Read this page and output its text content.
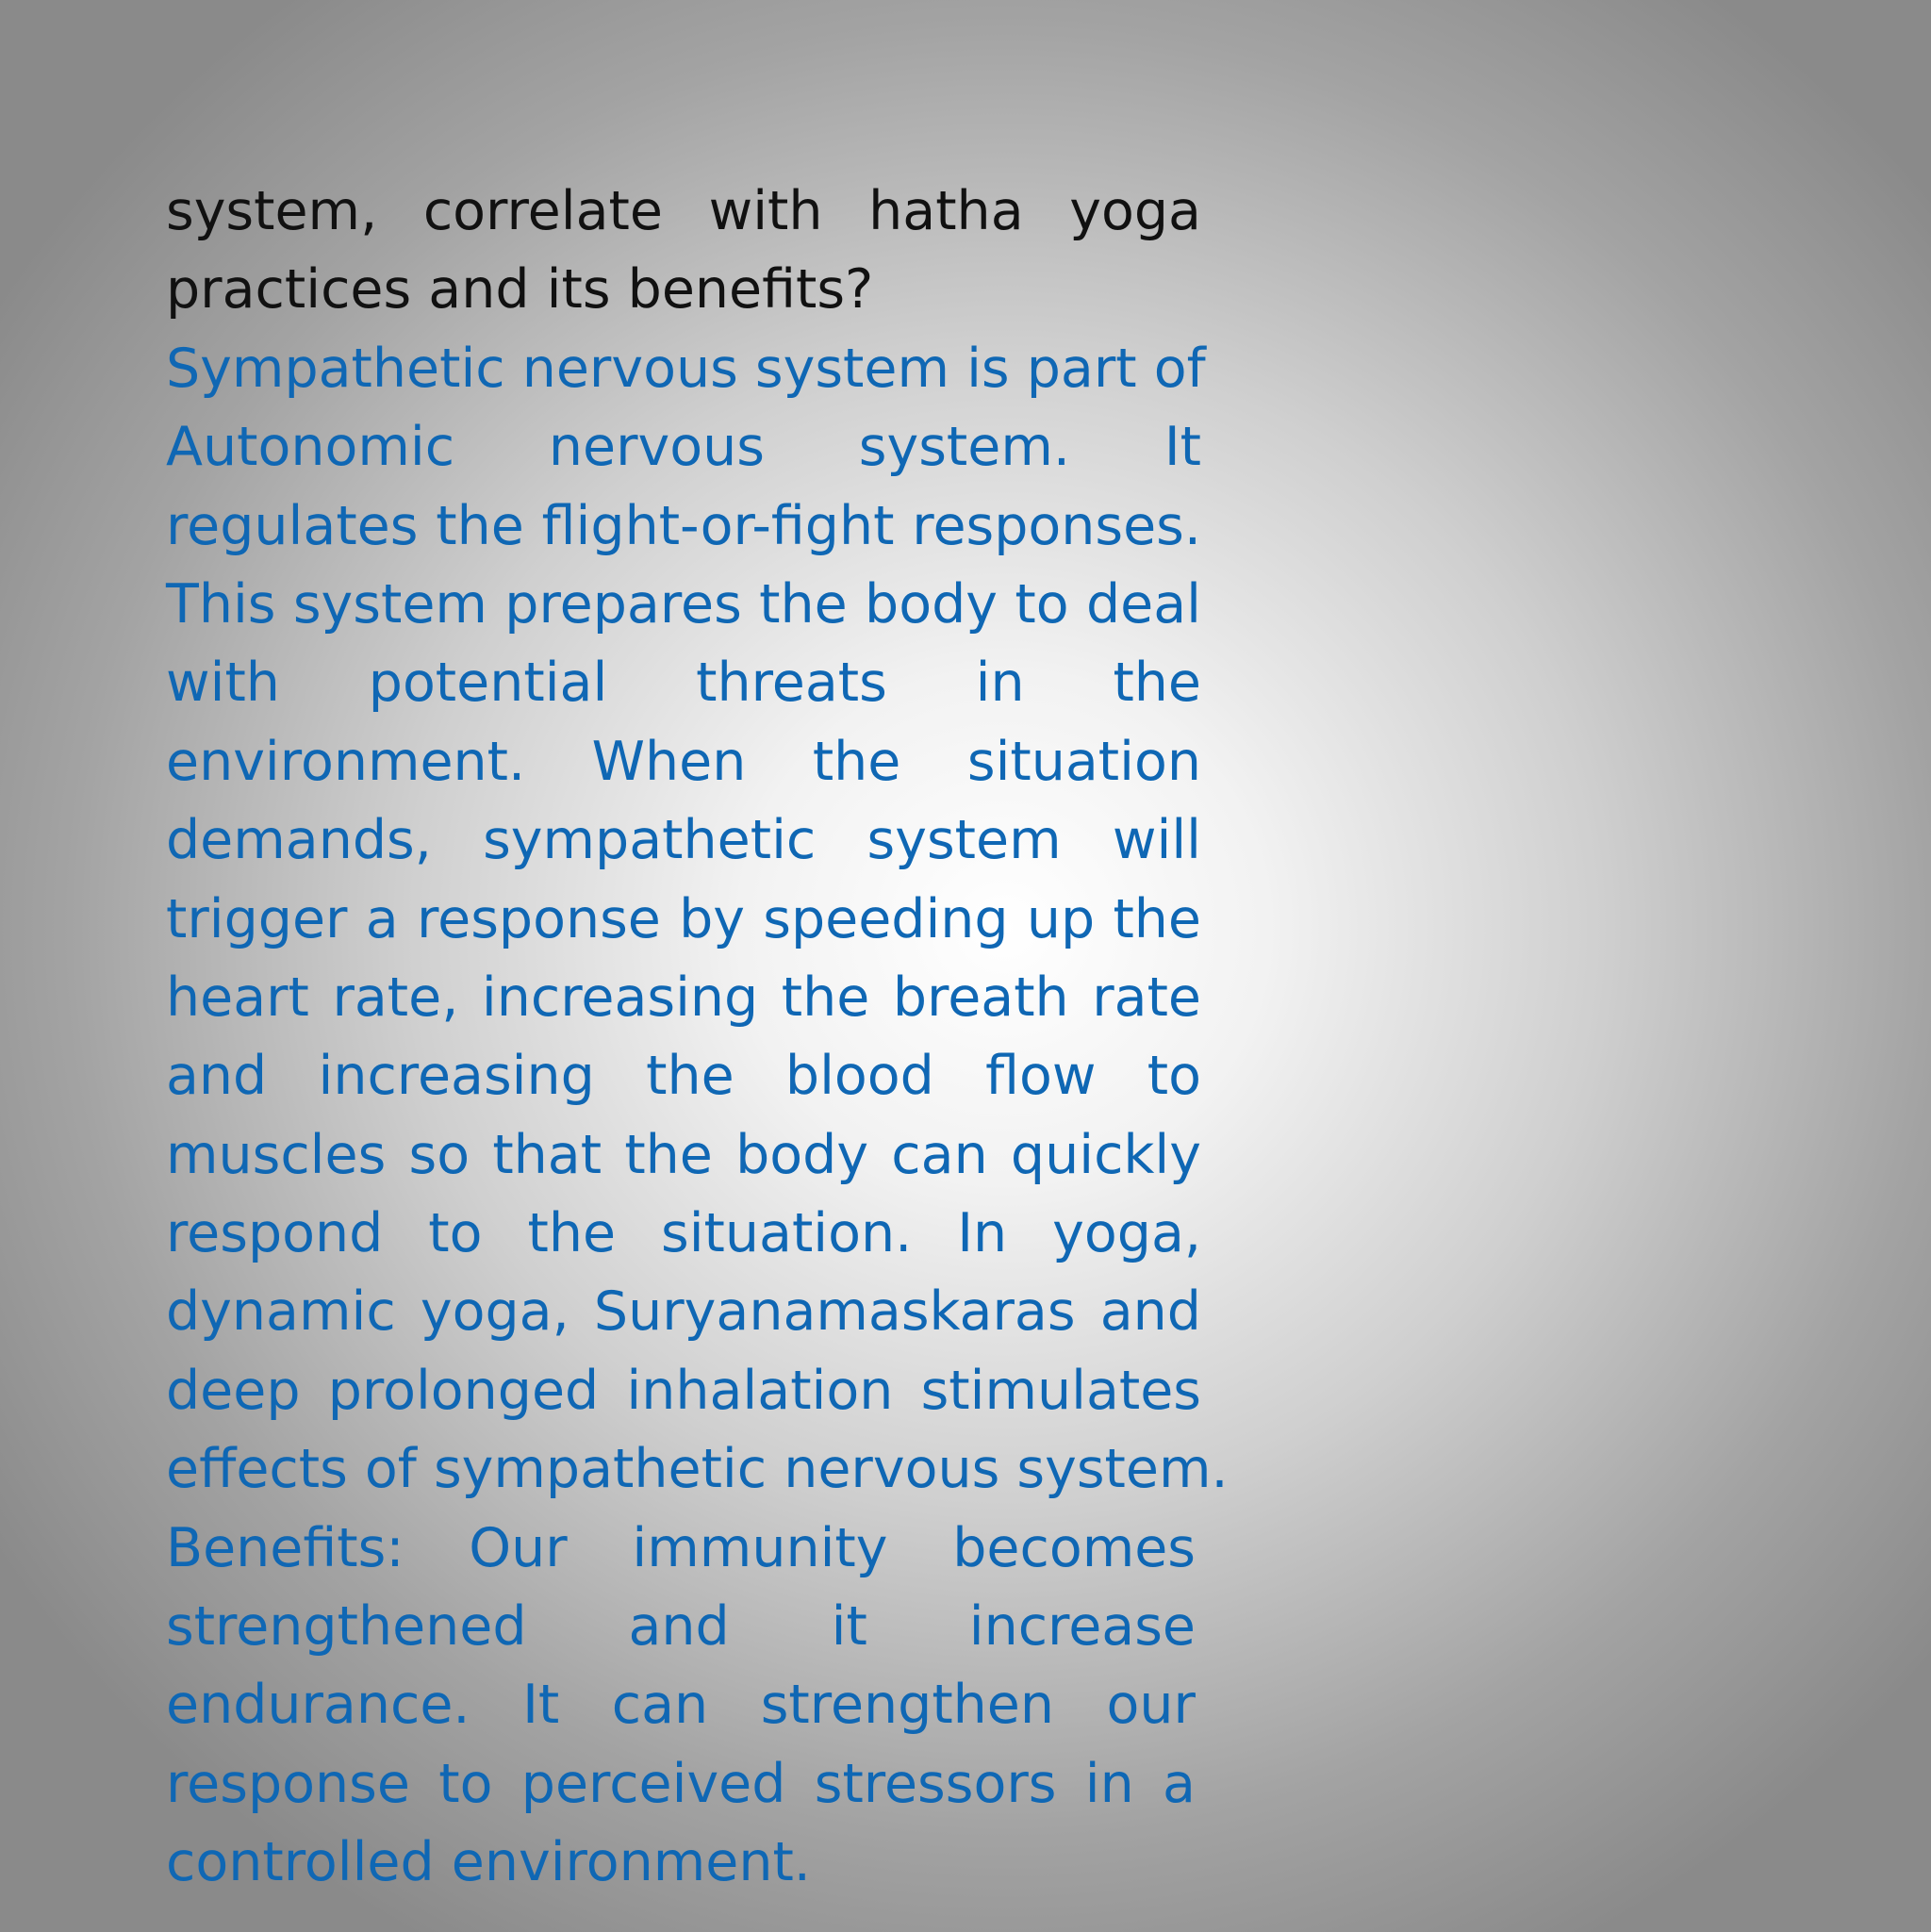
system, correlate with hatha yoga
practices and its benefits?
Sympathetic nervous system is part of
Autonomic nervous system. It
regulates the flight-or-fight responses.
This system prepares the body to deal
with potential threats in the
environment. When the situation
demands, sympathetic system will
trigger a response by speeding up the
heart rate, increasing the breath rate
and increasing the blood flow to
muscles so that the body can quickly
respond to the situation. In yoga,
dynamic yoga, Suryanamaskaras and
deep prolonged inhalation stimulates
effects of sympathetic nervous system.
Benefits: Our immunity becomes
strengthened and it increase
endurance. It can strengthen our
response to perceived stressors in a
controlled environment.
